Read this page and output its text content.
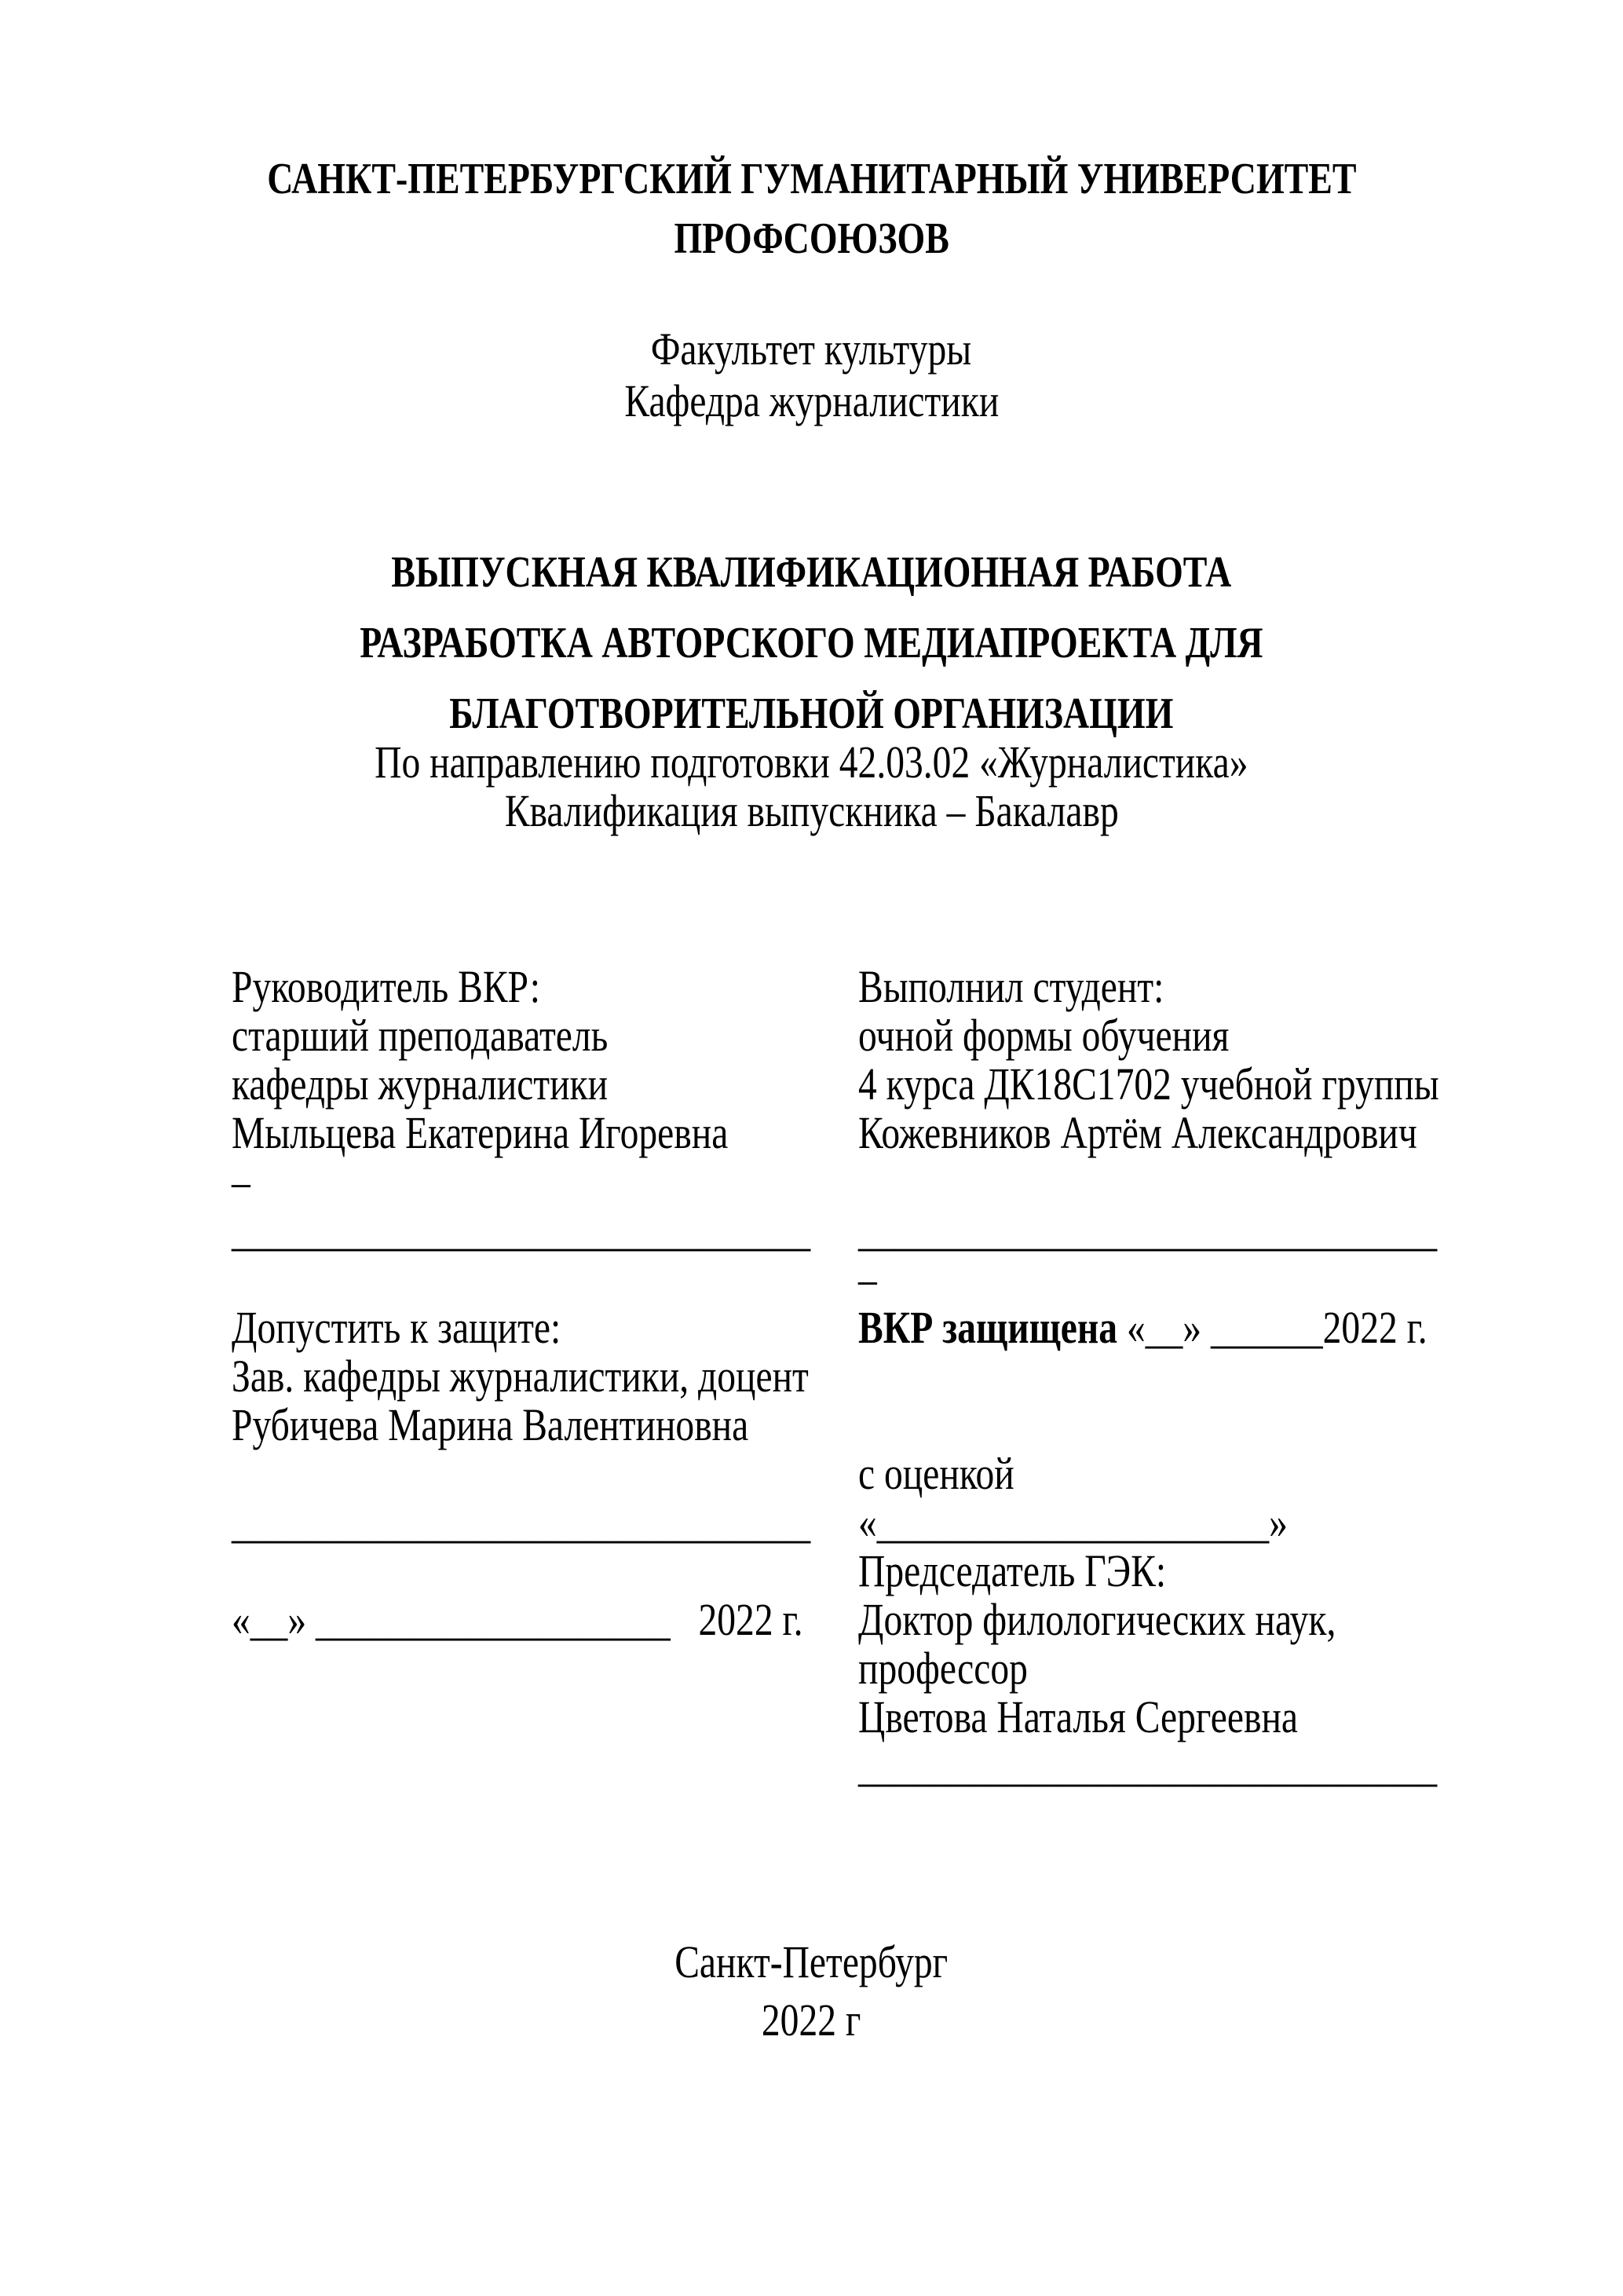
САНКТ-ПЕТЕРБУРГСКИЙ ГУМАНИТАРНЫЙ УНИВЕРСИТЕТ
ПРОФСОЮЗОВ
Факультет культуры
Кафедра журналистики
ВЫПУСКНАЯ КВАЛИФИКАЦИОННАЯ РАБОТА
РАЗРАБОТКА АВТОРСКОГО МЕДИАПРОЕКТА ДЛЯ
БЛАГОТВОРИТЕЛЬНОЙ ОРГАНИЗАЦИИ
По направлению подготовки 42.03.02 «Журналистика»
Квалификация выпускника – Бакалавр
Руководитель ВКР:
старший преподаватель
кафедры журналистики
Мыльцева Екатерина Игоревна
–
_______________________________
Допустить к защите:
Зав. кафедры журналистики, доцент
Рубичева Марина Валентиновна
_______________________________
«__» ___________________   2022 г.
Выполнил студент:
очной формы обучения
4 курса ДК18С1702 учебной группы
Кожевников Артём Александрович
_______________________________
–
ВКР защищена «__» ______2022 г.
с оценкой
«_____________________»
Председатель ГЭК:
Доктор филологических наук,
профессор
Цветова Наталья Сергеевна
_______________________________
Санкт-Петербург
2022 г
